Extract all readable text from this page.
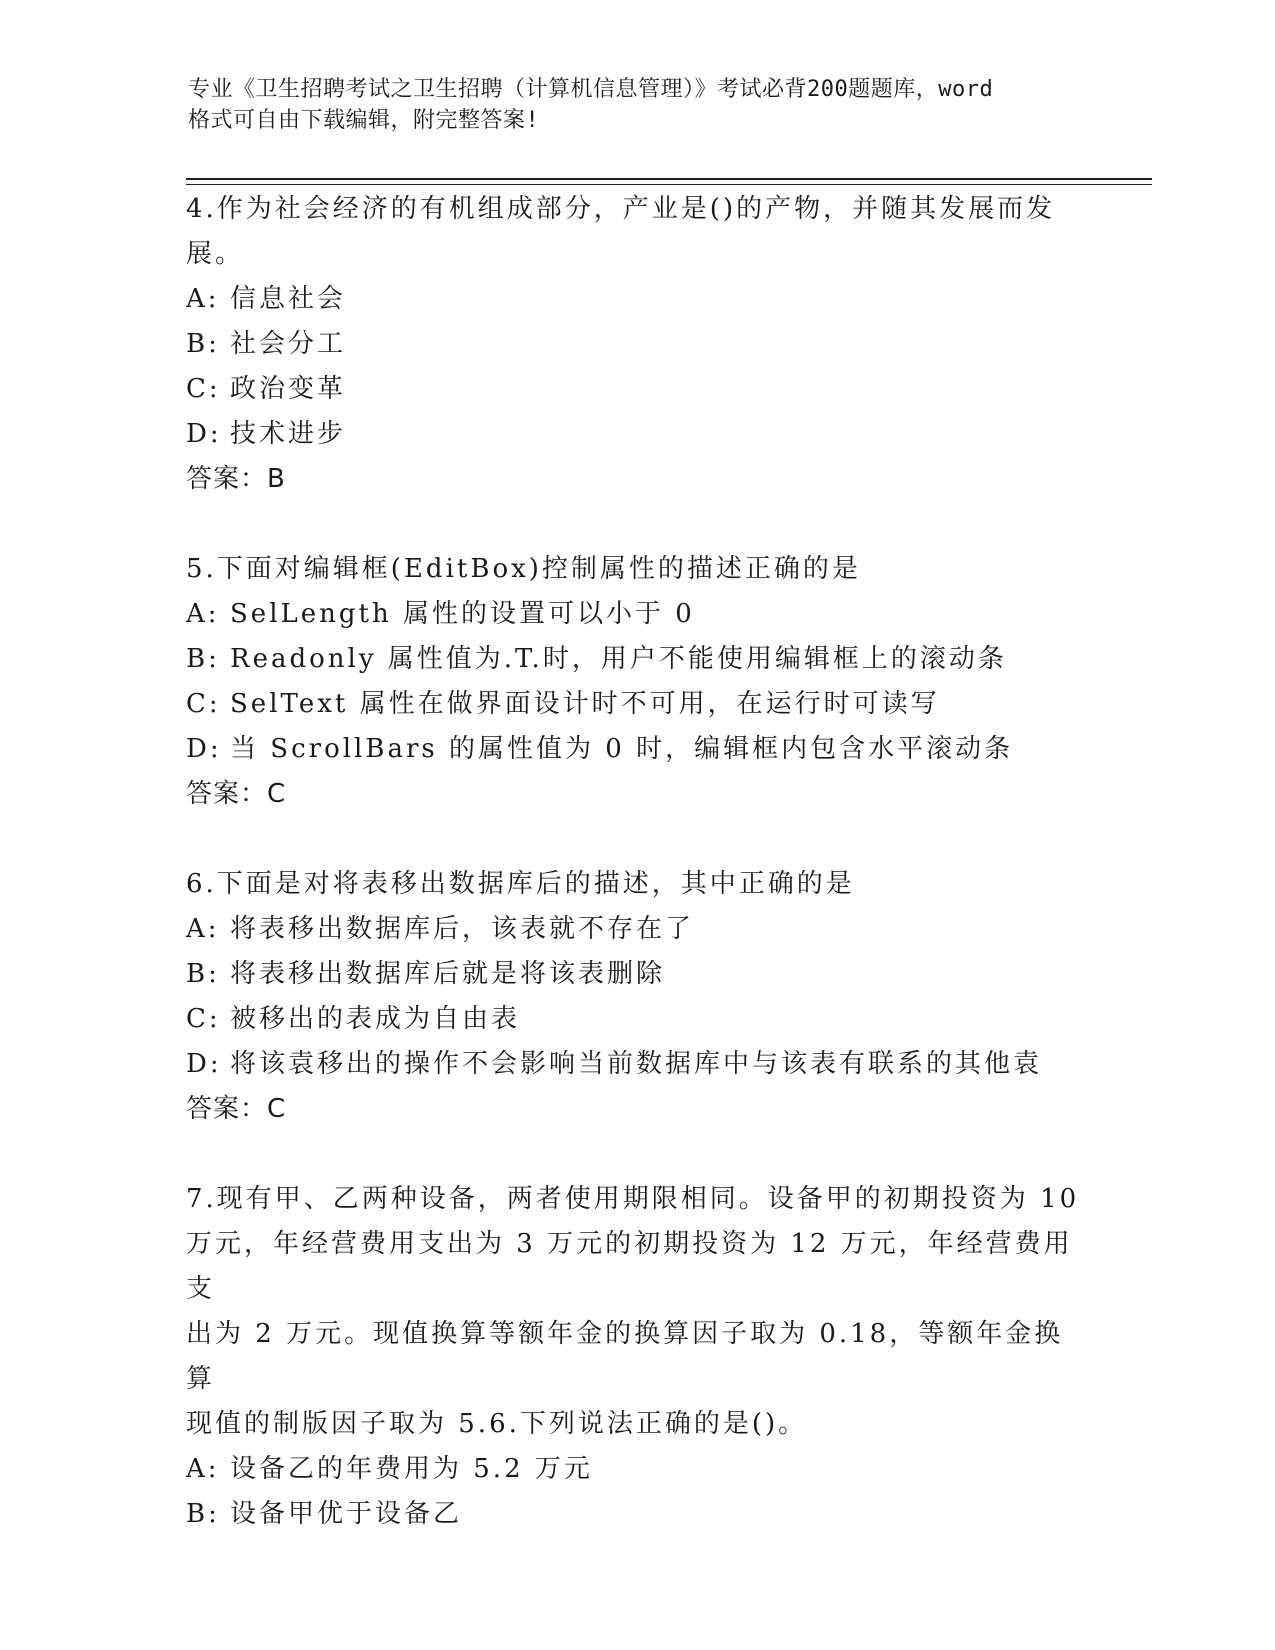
专业《卫生招聘考试之卫生招聘（计算机信息管理）》考试必背200题题库，word
格式可自由下载编辑，附完整答案!
4.作为社会经济的有机组成部分，产业是()的产物，并随其发展而发
展。
A: 信息社会
B: 社会分工
C: 政治变革
D: 技术进步
答案：B
5.下面对编辑框(EditBox)控制属性的描述正确的是
A: SelLength 属性的设置可以小于 0
B: Readonly 属性值为.T.时，用户不能使用编辑框上的滚动条
C: SelText 属性在做界面设计时不可用，在运行时可读写
D: 当 ScrollBars 的属性值为 0 时，编辑框内包含水平滚动条
答案：C
6.下面是对将表移出数据库后的描述，其中正确的是
A: 将表移出数据库后，该表就不存在了
B: 将表移出数据库后就是将该表删除
C: 被移出的表成为自由表
D: 将该袁移出的操作不会影响当前数据库中与该表有联系的其他袁
答案：C
7.现有甲、乙两种设备，两者使用期限相同。设备甲的初期投资为 10
万元，年经营费用支出为 3 万元的初期投资为 12 万元，年经营费用支
出为 2 万元。现值换算等额年金的换算因子取为 0.18，等额年金换算
现值的制版因子取为 5.6.下列说法正确的是()。
A: 设备乙的年费用为 5.2 万元
B: 设备甲优于设备乙
